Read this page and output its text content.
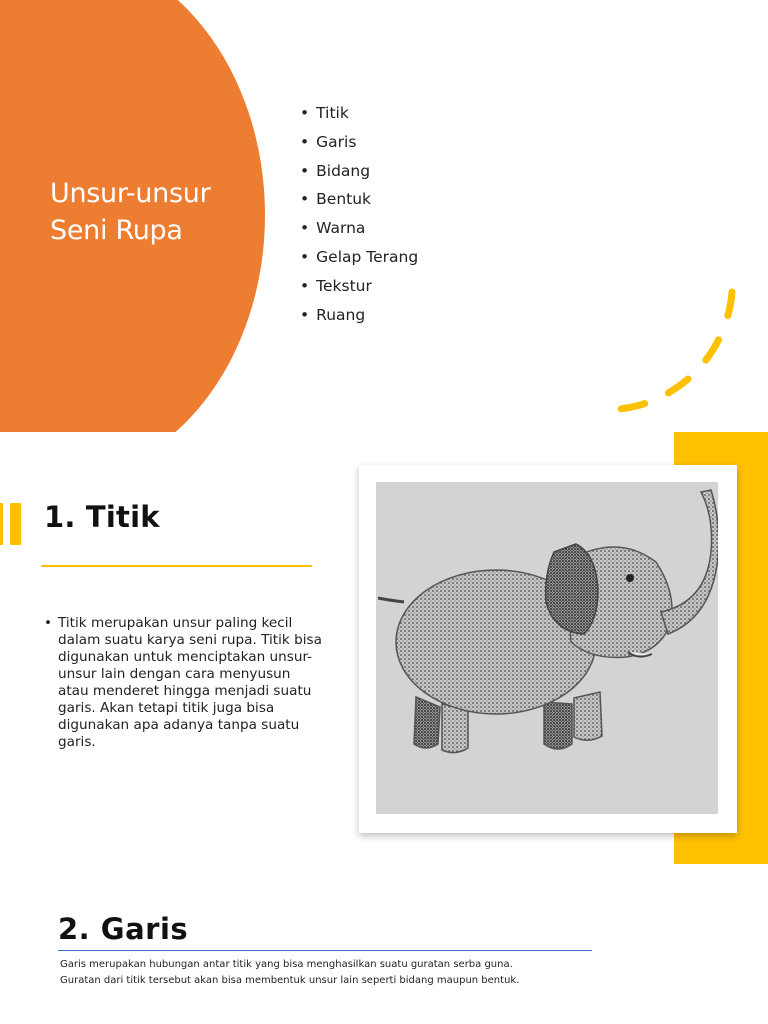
Unsur-unsur
Seni Rupa
• Titik
• Garis
• Bidang
• Bentuk
• Warna
• Gelap Terang
• Tekstur
• Ruang
1. Titik
• Titik merupakan unsur paling kecil dalam suatu karya seni rupa. Titik bisa digunakan untuk menciptakan unsur-unsur lain dengan cara menyusun atau menderet hingga menjadi suatu garis. Akan tetapi titik juga bisa digunakan apa adanya tanpa suatu garis.

2. Garis

Garis merupakan hubungan antar titik yang bisa menghasilkan suatu guratan serba guna.

Guratan dari titik tersebut akan bisa membentuk unsur lain seperti bidang maupun bentuk.
